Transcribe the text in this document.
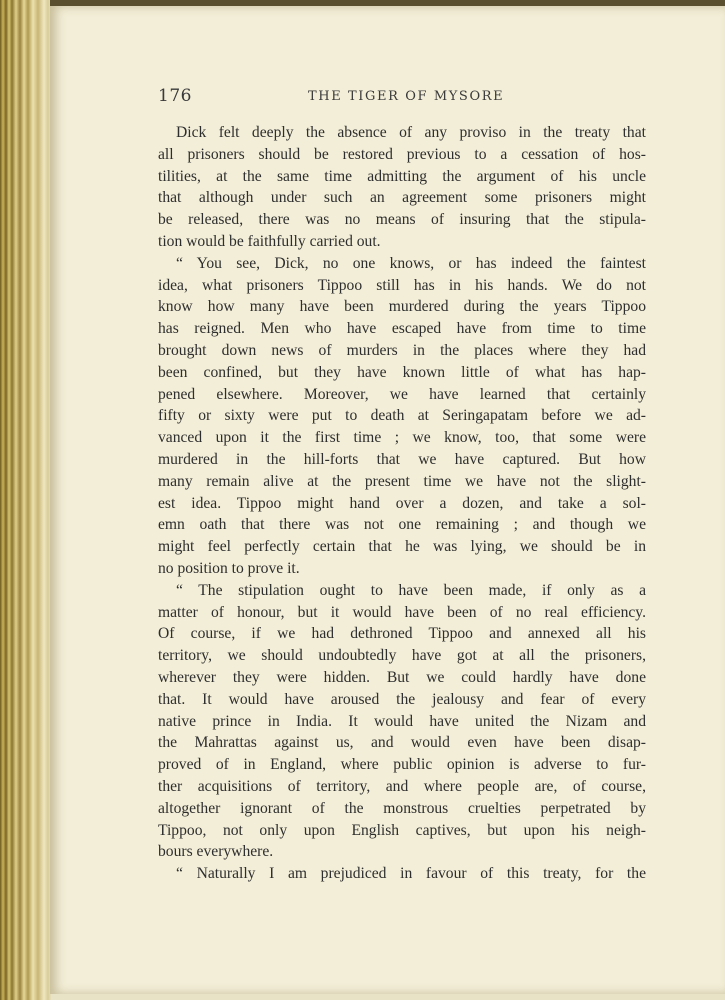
176	THE TIGER OF MYSORE

Dick felt deeply the absence of any proviso in the treaty that
all prisoners should be restored previous to a cessation of hos-
tilities, at the same time admitting the argument of his uncle
that although under such an agreement some prisoners might
be released, there was no means of insuring that the stipula-
tion would be faithfully carried out.

“ You see, Dick, no one knows, or has indeed the faintest
idea, what prisoners Tippoo still has in his hands. We do not
know how many have been murdered during the years Tippoo
has reigned. Men who have escaped have from time to time
brought down news of murders in the places where they had
been confined, but they have known little of what has hap-
pened elsewhere. Moreover, we have learned that certainly
fifty or sixty were put to death at Seringapatam before we ad-
vanced upon it the first time ; we know, too, that some were
murdered in the hill-forts that we have captured. But how
many remain alive at the present time we have not the slight-
est idea. Tippoo might hand over a dozen, and take a sol-
emn oath that there was not one remaining ; and though we
might feel perfectly certain that he was lying, we should be in
no position to prove it.

“ The stipulation ought to have been made, if only as a
matter of honour, but it would have been of no real efficiency.
Of course, if we had dethroned Tippoo and annexed all his
territory, we should undoubtedly have got at all the prisoners,
wherever they were hidden. But we could hardly have done
that. It would have aroused the jealousy and fear of every
native prince in India. It would have united the Nizam and
the Mahrattas against us, and would even have been disap-
proved of in England, where public opinion is adverse to fur-
ther acquisitions of territory, and where people are, of course,
altogether ignorant of the monstrous cruelties perpetrated by
Tippoo, not only upon English captives, but upon his neigh-
bours everywhere.

“ Naturally I am prejudiced in favour of this treaty, for the
